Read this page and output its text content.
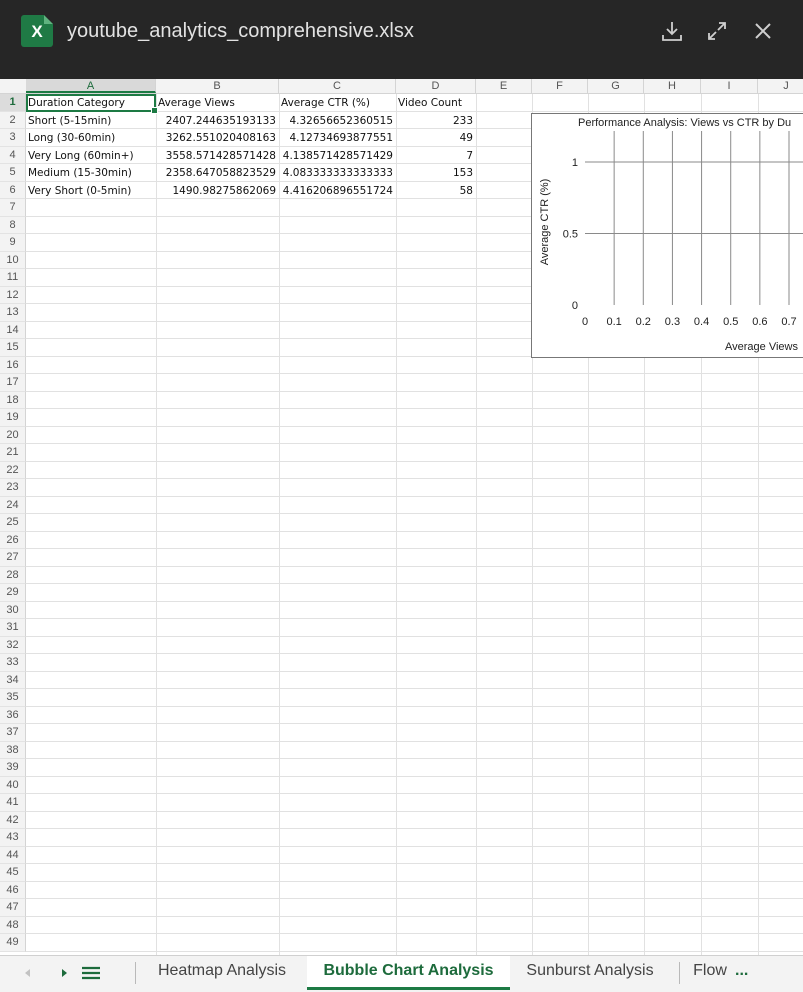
X	youtube_analytics_comprehensive.xlsx
A	B	C	D	E	F	G	H	I	J
1
2
3
4
5
6
7
8
9
10
11
12
13
14
15
16
17
18
19
20
21
22
23
24
25
26
27
28
29
30
31
32
33
34
35
36
37
38
39
40
41
42
43
44
45
46
47
48
49
Duration Category	Average Views	Average CTR (%)	Video Count
Short (5-15min)	2407.244635193133	4.32656652360515	233
Long (30-60min)	3262.551020408163	4.12734693877551	49
Very Long (60min+)	3558.571428571428 4.138571428571429	7
Medium (15-30min)	2358.647058823529 4.083333333333333	153
Very Short (0-5min)	1490.98275862069 4.416206896551724	58
Performance Analysis: Views vs CTR by Du
0 0.1 0.2 0.3 0.4 0.5 0.6 0.7
0
0.5
1
Average Views
Average CTR (%)
Heatmap Analysis	Bubble Chart Analysis	Sunburst Analysis	Flow ...
